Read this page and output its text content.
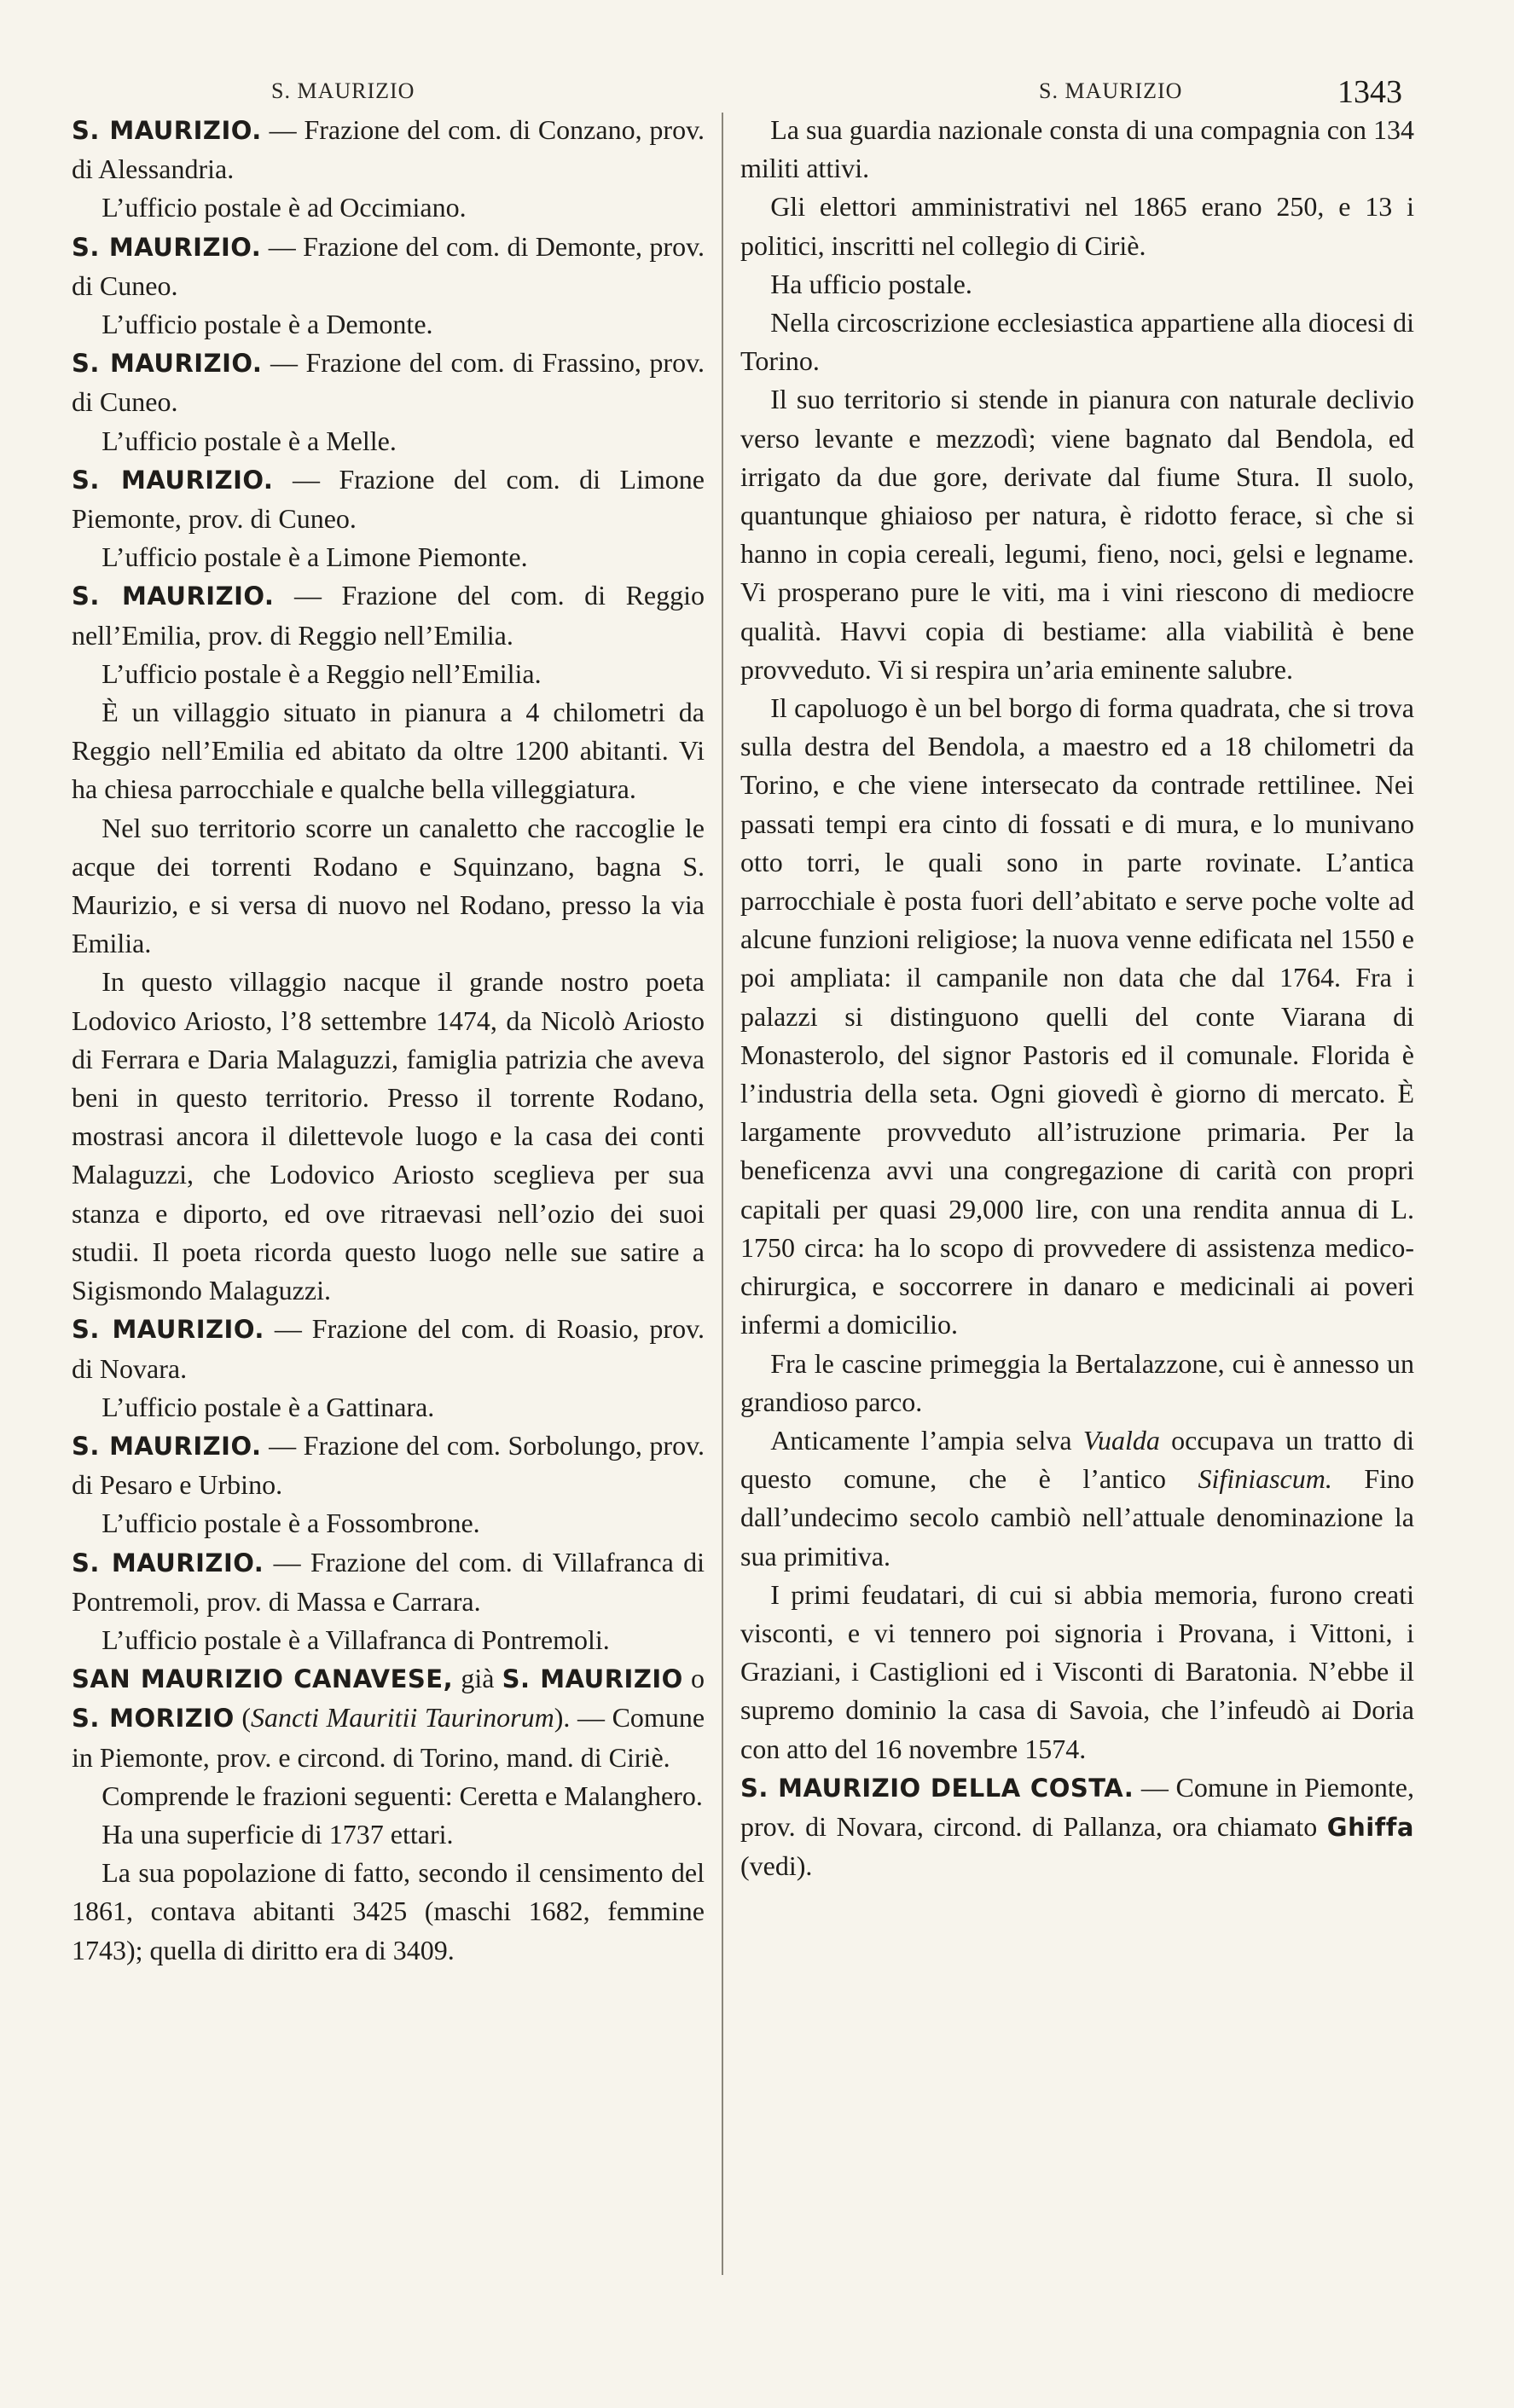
S. MAURIZIO	S. MAURIZIO	1343

S. MAURIZIO. — Frazione del com. di Conzano, prov. di Alessandria.

L’ufficio postale è ad Occimiano.

S. MAURIZIO. — Frazione del com. di Demonte, prov. di Cuneo.

L’ufficio postale è a Demonte.

S. MAURIZIO. — Frazione del com. di Frassino, prov. di Cuneo.

L’ufficio postale è a Melle.

S. MAURIZIO. — Frazione del com. di Limone Piemonte, prov. di Cuneo.

L’ufficio postale è a Limone Piemonte.

S. MAURIZIO. — Frazione del com. di Reggio nell’Emilia, prov. di Reggio nell’Emilia.

L’ufficio postale è a Reggio nell’Emilia.

È un villaggio situato in pianura a 4 chilometri da Reggio nell’Emilia ed abitato da oltre 1200 abitanti. Vi ha chiesa parrocchiale e qualche bella villeggiatura.

Nel suo territorio scorre un canaletto che raccoglie le acque dei torrenti Rodano e Squinzano, bagna S. Maurizio, e si versa di nuovo nel Rodano, presso la via Emilia.

In questo villaggio nacque il grande nostro poeta Lodovico Ariosto, l’8 settembre 1474, da Nicolò Ariosto di Ferrara e Daria Malaguzzi, famiglia patrizia che aveva beni in questo territorio. Presso il torrente Rodano, mostrasi ancora il dilettevole luogo e la casa dei conti Malaguzzi, che Lodovico Ariosto sceglieva per sua stanza e diporto, ed ove ritraevasi nell’ozio dei suoi studii. Il poeta ricorda questo luogo nelle sue satire a Sigismondo Malaguzzi.

S. MAURIZIO. — Frazione del com. di Roasio, prov. di Novara.

L’ufficio postale è a Gattinara.

S. MAURIZIO. — Frazione del com. Sorbolungo, prov. di Pesaro e Urbino.

L’ufficio postale è a Fossombrone.

S. MAURIZIO. — Frazione del com. di Villafranca di Pontremoli, prov. di Massa e Carrara.

L’ufficio postale è a Villafranca di Pontremoli.

SAN MAURIZIO CANAVESE, già S. MAURIZIO o S. MORIZIO (Sancti Mauritii Taurinorum). — Comune in Piemonte, prov. e circond. di Torino, mand. di Ciriè.

Comprende le frazioni seguenti: Ceretta e Malanghero.

Ha una superficie di 1737 ettari.

La sua popolazione di fatto, secondo il censimento del 1861, contava abitanti 3425 (maschi 1682, femmine 1743); quella di diritto era di 3409.

La sua guardia nazionale consta di una compagnia con 134 militi attivi.

Gli elettori amministrativi nel 1865 erano 250, e 13 i politici, inscritti nel collegio di Ciriè.

Ha ufficio postale.

Nella circoscrizione ecclesiastica appartiene alla diocesi di Torino.

Il suo territorio si stende in pianura con naturale declivio verso levante e mezzodì; viene bagnato dal Bendola, ed irrigato da due gore, derivate dal fiume Stura. Il suolo, quantunque ghiaioso per natura, è ridotto ferace, sì che si hanno in copia cereali, legumi, fieno, noci, gelsi e legname. Vi prosperano pure le viti, ma i vini riescono di mediocre qualità. Havvi copia di bestiame: alla viabilità è bene provveduto. Vi si respira un’aria eminente salubre.

Il capoluogo è un bel borgo di forma quadrata, che si trova sulla destra del Bendola, a maestro ed a 18 chilometri da Torino, e che viene intersecato da contrade rettilinee. Nei passati tempi era cinto di fossati e di mura, e lo munivano otto torri, le quali sono in parte rovinate. L’antica parrocchiale è posta fuori dell’abitato e serve poche volte ad alcune funzioni religiose; la nuova venne edificata nel 1550 e poi ampliata: il campanile non data che dal 1764. Fra i palazzi si distinguono quelli del conte Viarana di Monasterolo, del signor Pastoris ed il comunale. Florida è l’industria della seta. Ogni giovedì è giorno di mercato. È largamente provveduto all’istruzione primaria. Per la beneficenza avvi una congregazione di carità con propri capitali per quasi 29,000 lire, con una rendita annua di L. 1750 circa: ha lo scopo di provvedere di assistenza medico-chirurgica, e soccorrere in danaro e medicinali ai poveri infermi a domicilio.

Fra le cascine primeggia la Bertalazzone, cui è annesso un grandioso parco.

Anticamente l’ampia selva Vualda occupava un tratto di questo comune, che è l’antico Sifiniascum. Fino dall’undecimo secolo cambiò nell’attuale denominazione la sua primitiva.

I primi feudatari, di cui si abbia memoria, furono creati visconti, e vi tennero poi signoria i Provana, i Vittoni, i Graziani, i Castiglioni ed i Visconti di Baratonia. N’ebbe il supremo dominio la casa di Savoia, che l’infeudò ai Doria con atto del 16 novembre 1574.

S. MAURIZIO DELLA COSTA. — Comune in Piemonte, prov. di Novara, circond. di Pallanza, ora chiamato Ghiffa (vedi).
